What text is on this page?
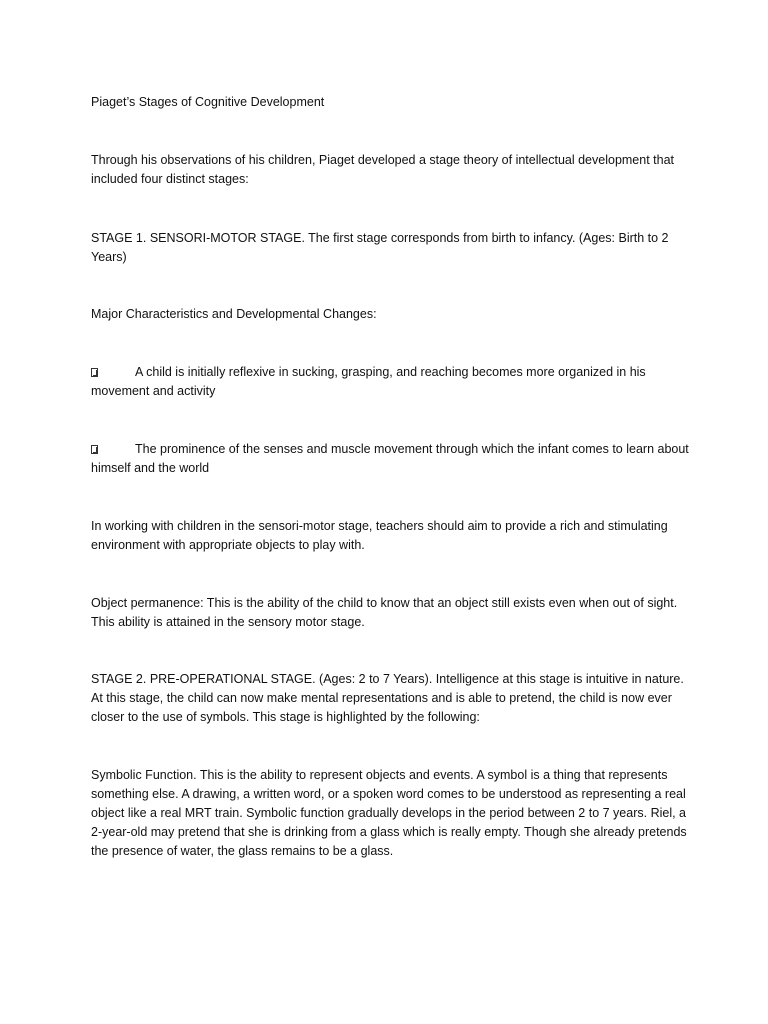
Piaget’s Stages of Cognitive Development

Through his observations of his children, Piaget developed a stage theory of intellectual development that included four distinct stages:

STAGE 1. SENSORI-MOTOR STAGE. The first stage corresponds from birth to infancy. (Ages: Birth to 2 Years)

Major Characteristics and Developmental Changes:

A child is initially reflexive in sucking, grasping, and reaching becomes more organized in his movement and activity

The prominence of the senses and muscle movement through which the infant comes to learn about himself and the world

In working with children in the sensori-motor stage, teachers should aim to provide a rich and stimulating environment with appropriate objects to play with.

Object permanence: This is the ability of the child to know that an object still exists even when out of sight. This ability is attained in the sensory motor stage.

STAGE 2. PRE-OPERATIONAL STAGE. (Ages: 2 to 7 Years). Intelligence at this stage is intuitive in nature. At this stage, the child can now make mental representations and is able to pretend, the child is now ever closer to the use of symbols. This stage is highlighted by the following:

Symbolic Function. This is the ability to represent objects and events. A symbol is a thing that represents something else. A drawing, a written word, or a spoken word comes to be understood as representing a real object like a real MRT train. Symbolic function gradually develops in the period between 2 to 7 years. Riel, a 2-year-old may pretend that she is drinking from a glass which is really empty. Though she already pretends the presence of water, the glass remains to be a glass.
